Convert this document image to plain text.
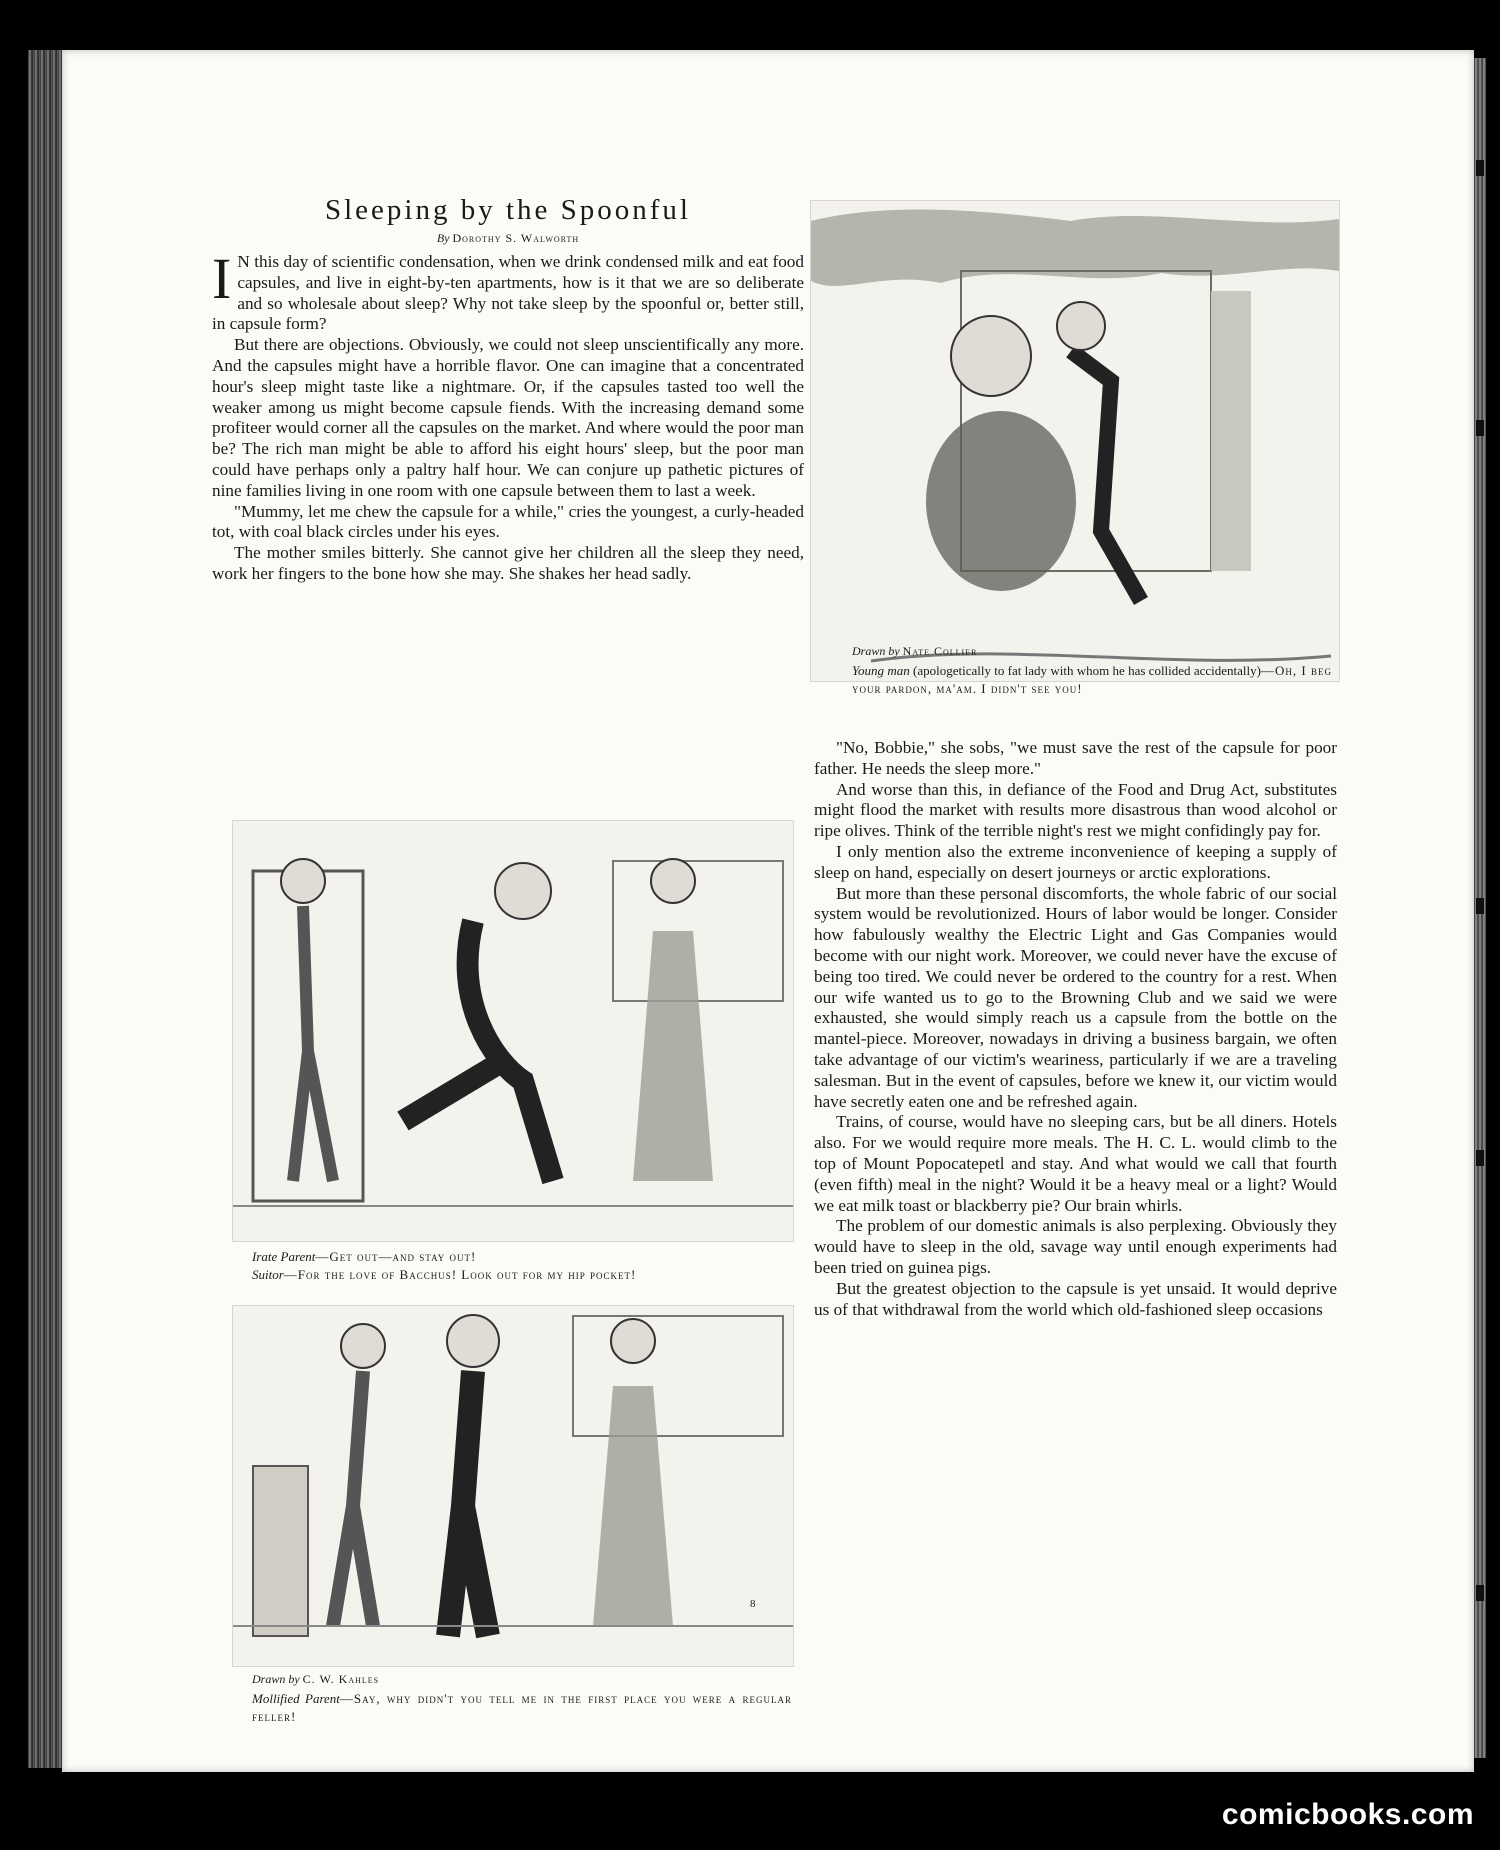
Sleeping by the Spoonful
By Dorothy S. Walworth

I N this day of scientific condensation, when we drink condensed milk and eat food capsules, and live in eight-by-ten apartments, how is it that we are so deliberate and so wholesale about sleep? Why not take sleep by the spoonful or, better still, in capsule form?

But there are objections. Obviously, we could not sleep unscientifically any more. And the capsules might have a horrible flavor. One can imagine that a concentrated hour's sleep might taste like a nightmare. Or, if the capsules tasted too well the weaker among us might become capsule fiends. With the increasing demand some profiteer would corner all the capsules on the market. And where would the poor man be? The rich man might be able to afford his eight hours' sleep, but the poor man could have perhaps only a paltry half hour. We can conjure up pathetic pictures of nine families living in one room with one capsule between them to last a week.

"Mummy, let me chew the capsule for a while," cries the youngest, a curly-headed tot, with coal black circles under his eyes.

The mother smiles bitterly. She cannot give her children all the sleep they need, work her fingers to the bone how she may. She shakes her head sadly.

Drawn by Nate Collier
Young man (apologetically to fat lady with whom he has collided accidentally)—Oh, I beg your pardon, ma'am. I didn't see you!

"No, Bobbie," she sobs, "we must save the rest of the capsule for poor father. He needs the sleep more."

And worse than this, in defiance of the Food and Drug Act, substitutes might flood the market with results more disastrous than wood alcohol or ripe olives. Think of the terrible night's rest we might confidingly pay for.

I only mention also the extreme inconvenience of keeping a supply of sleep on hand, especially on desert journeys or arctic explorations.

But more than these personal discomforts, the whole fabric of our social system would be revolutionized. Hours of labor would be longer. Consider how fabulously wealthy the Electric Light and Gas Companies would become with our night work. Moreover, we could never have the excuse of being too tired. We could never be ordered to the country for a rest. When our wife wanted us to go to the Browning Club and we said we were exhausted, she would simply reach us a capsule from the bottle on the mantel-piece. Moreover, nowadays in driving a business bargain, we often take advantage of our victim's weariness, particularly if we are a traveling salesman. But in the event of capsules, before we knew it, our victim would have secretly eaten one and be refreshed again.

Trains, of course, would have no sleeping cars, but be all diners. Hotels also. For we would require more meals. The H. C. L. would climb to the top of Mount Popocatepetl and stay. And what would we call that fourth (even fifth) meal in the night? Would it be a heavy meal or a light? Would we eat milk toast or blackberry pie? Our brain whirls.

The problem of our domestic animals is also perplexing. Obviously they would have to sleep in the old, savage way until enough experiments had been tried on guinea pigs.

But the greatest objection to the capsule is yet unsaid. It would deprive us of that withdrawal from the world which old-fashioned sleep occasions

Irate Parent—Get out—and stay out!
Suitor—For the love of Bacchus! Look out for my hip pocket!
Drawn by C. W. Kahles
Mollified Parent—Say, why didn't you tell me in the first place you were a regular feller!
8
comicbooks.com
